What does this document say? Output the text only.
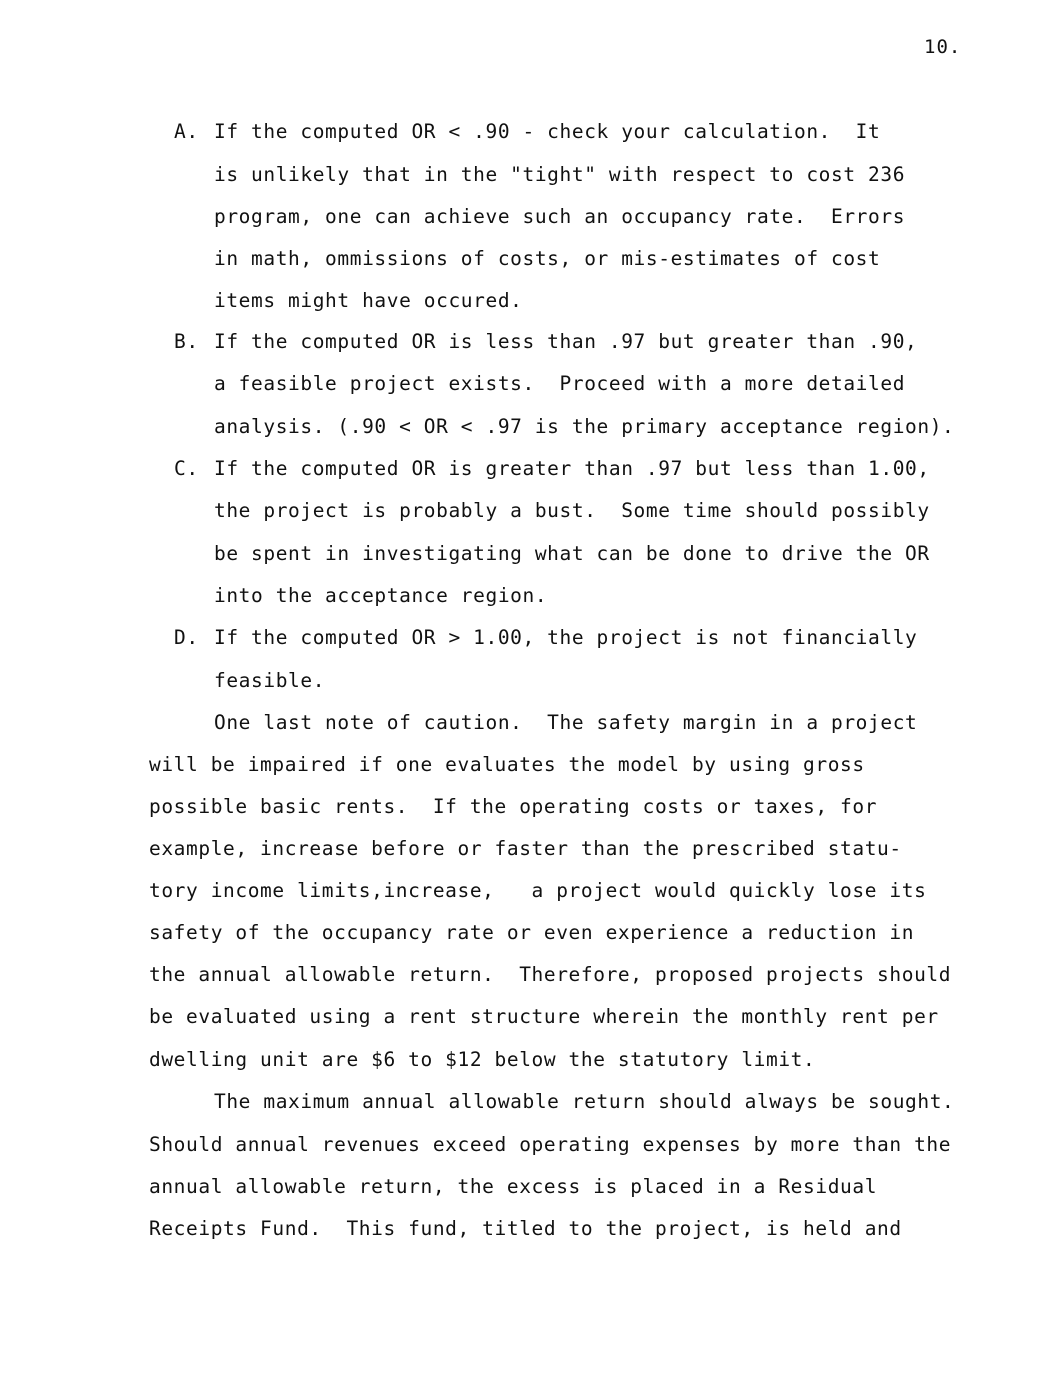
10.
A. If the computed OR < .90 - check your calculation.  It
is unlikely that in the "tight" with respect to cost 236
program, one can achieve such an occupancy rate.  Errors
in math, ommissions of costs, or mis-estimates of cost
items might have occured.
B. If the computed OR is less than .97 but greater than .90,
a feasible project exists.  Proceed with a more detailed
analysis. (.90 < OR < .97 is the primary acceptance region).
C. If the computed OR is greater than .97 but less than 1.00,
the project is probably a bust.  Some time should possibly
be spent in investigating what can be done to drive the OR
into the acceptance region.
D. If the computed OR > 1.00, the project is not financially
feasible.
One last note of caution.  The safety margin in a project
will be impaired if one evaluates the model by using gross
possible basic rents.  If the operating costs or taxes, for
example, increase before or faster than the prescribed statu-
tory income limits,increase,   a project would quickly lose its
safety of the occupancy rate or even experience a reduction in
the annual allowable return.  Therefore, proposed projects should
be evaluated using a rent structure wherein the monthly rent per
dwelling unit are $6 to $12 below the statutory limit.
The maximum annual allowable return should always be sought.
Should annual revenues exceed operating expenses by more than the
annual allowable return, the excess is placed in a Residual
Receipts Fund.  This fund, titled to the project, is held and
